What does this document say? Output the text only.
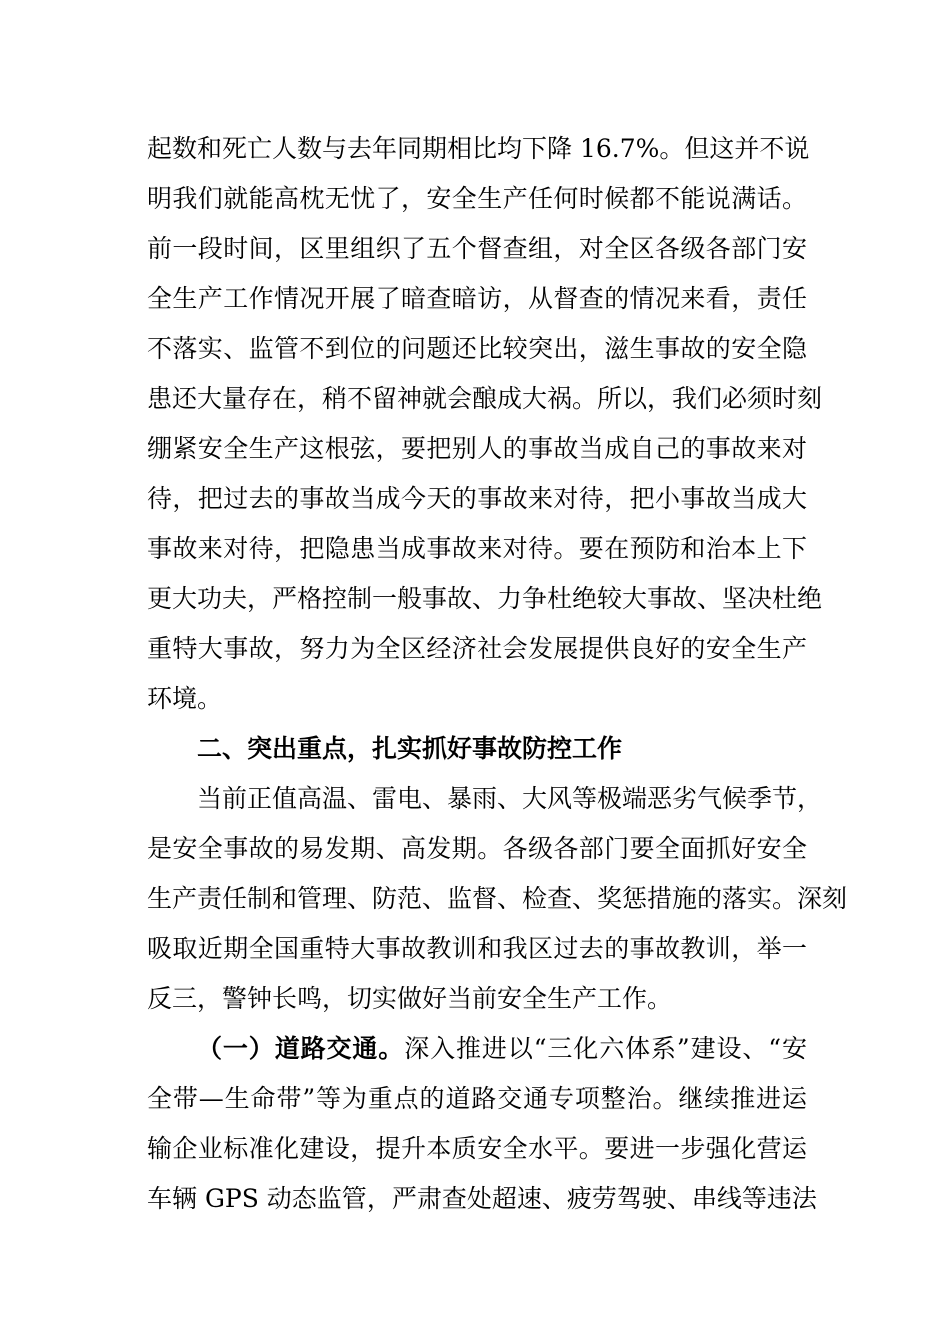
起数和死亡人数与去年同期相比均下降 16.7%。但这并不说
明我们就能高枕无忧了，安全生产任何时候都不能说满话。
前一段时间，区里组织了五个督查组，对全区各级各部门安
全生产工作情况开展了暗查暗访，从督查的情况来看，责任
不落实、监管不到位的问题还比较突出，滋生事故的安全隐
患还大量存在，稍不留神就会酿成大祸。所以，我们必须时刻
绷紧安全生产这根弦，要把别人的事故当成自己的事故来对
待，把过去的事故当成今天的事故来对待，把小事故当成大
事故来对待，把隐患当成事故来对待。要在预防和治本上下
更大功夫，严格控制一般事故、力争杜绝较大事故、坚决杜绝
重特大事故，努力为全区经济社会发展提供良好的安全生产
环境。
二、突出重点，扎实抓好事故防控工作
当前正值高温、雷电、暴雨、大风等极端恶劣气候季节，
是安全事故的易发期、高发期。各级各部门要全面抓好安全
生产责任制和管理、防范、监督、检查、奖惩措施的落实。深刻
吸取近期全国重特大事故教训和我区过去的事故教训，举一
反三，警钟长鸣，切实做好当前安全生产工作。
（一）道路交通。深入推进以“三化六体系”建设、“安
全带—生命带”等为重点的道路交通专项整治。继续推进运
输企业标准化建设，提升本质安全水平。要进一步强化营运
车辆 GPS 动态监管，严肃查处超速、疲劳驾驶、串线等违法
